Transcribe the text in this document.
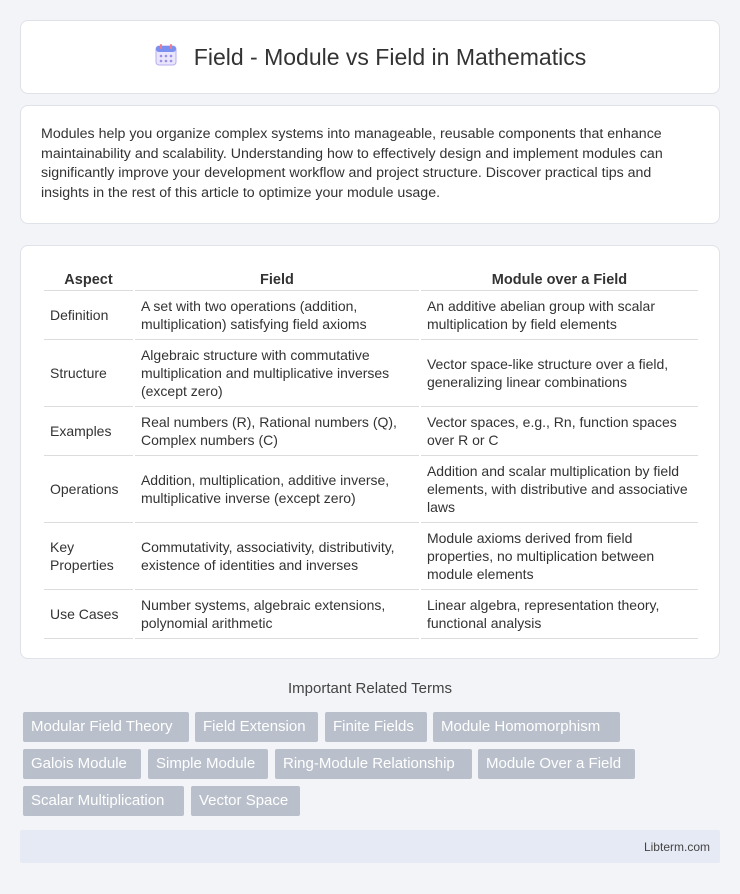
Field - Module vs Field in Mathematics

Modules help you organize complex systems into manageable, reusable components that enhance maintainability and scalability. Understanding how to effectively design and implement modules can significantly improve your development workflow and project structure. Discover practical tips and insights in the rest of this article to optimize your module usage.

Aspect	Field	Module over a Field
Definition	A set with two operations (addition, multiplication) satisfying field axioms	An additive abelian group with scalar multiplication by field elements
Structure	Algebraic structure with commutative multiplication and multiplicative inverses (except zero)	Vector space-like structure over a field, generalizing linear combinations
Examples	Real numbers (R), Rational numbers (Q), Complex numbers (C)	Vector spaces, e.g., Rn, function spaces over R or C
Operations	Addition, multiplication, additive inverse, multiplicative inverse (except zero)	Addition and scalar multiplication by field elements, with distributive and associative laws
Key Properties	Commutativity, associativity, distributivity, existence of identities and inverses	Module axioms derived from field properties, no multiplication between module elements
Use Cases	Number systems, algebraic extensions, polynomial arithmetic	Linear algebra, representation theory, functional analysis
Important Related Terms
Modular Field Theory	Field Extension	Finite Fields	Module Homomorphism
Galois Module	Simple Module	Ring-Module Relationship	Module Over a Field
Scalar Multiplication	Vector Space
Libterm.com
